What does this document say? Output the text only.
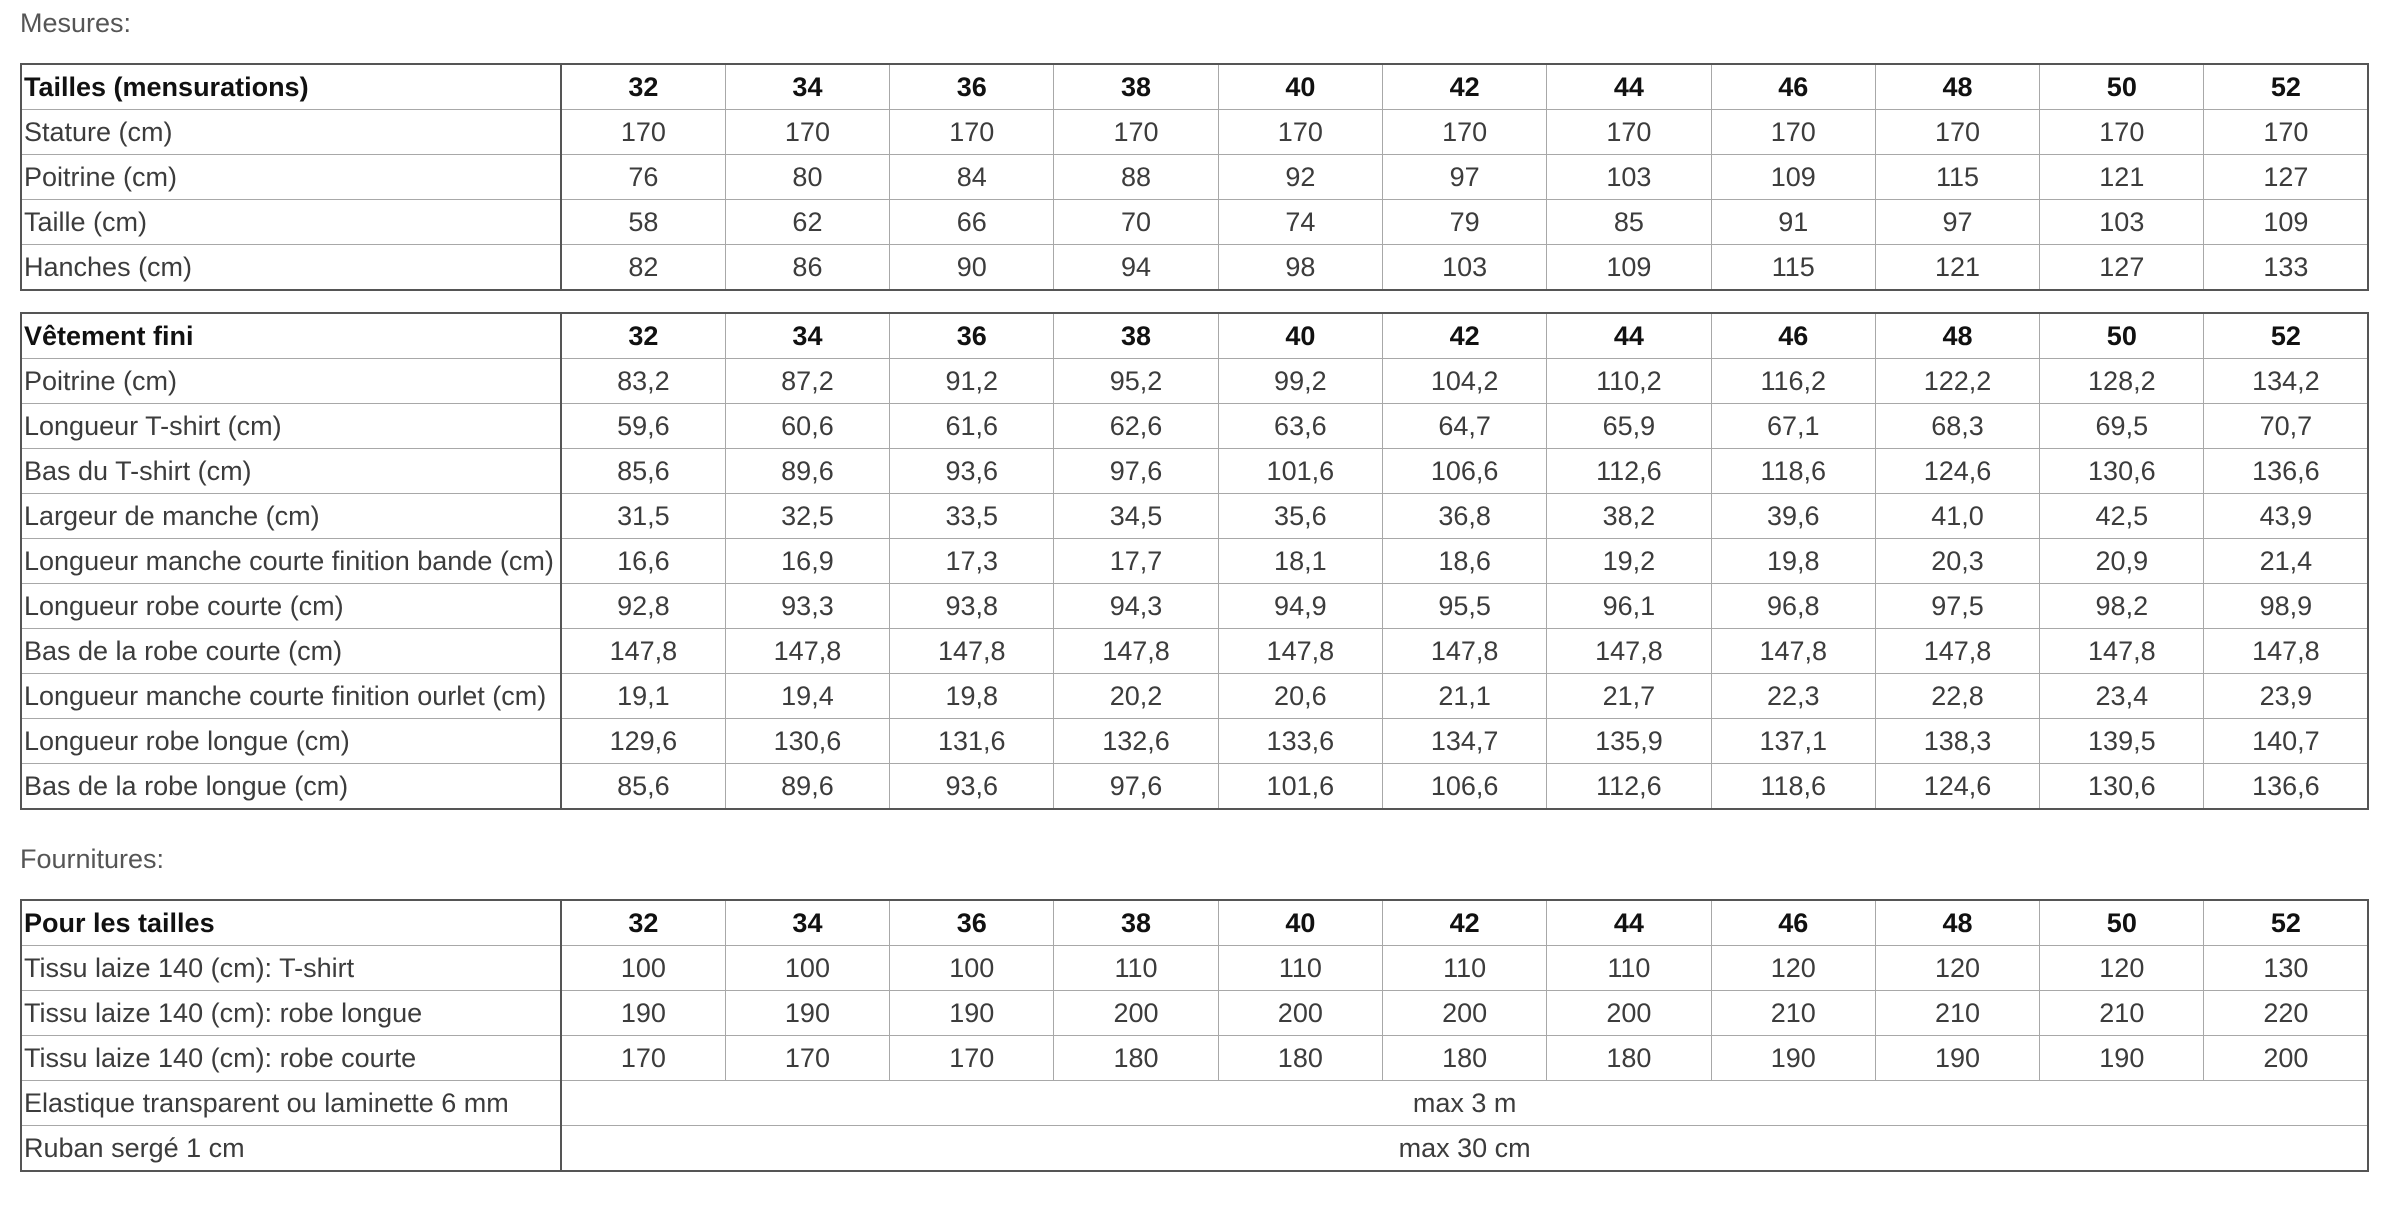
Mesures:
Tailles (mensurations)	32	34	36	38	40	42	44	46	48	50	52
Stature (cm)	170	170	170	170	170	170	170	170	170	170	170
Poitrine (cm)	76	80	84	88	92	97	103	109	115	121	127
Taille (cm)	58	62	66	70	74	79	85	91	97	103	109
Hanches (cm)	82	86	90	94	98	103	109	115	121	127	133
Vêtement fini	32	34	36	38	40	42	44	46	48	50	52
Poitrine (cm)	83,2	87,2	91,2	95,2	99,2	104,2	110,2	116,2	122,2	128,2	134,2
Longueur T-shirt (cm)	59,6	60,6	61,6	62,6	63,6	64,7	65,9	67,1	68,3	69,5	70,7
Bas du T-shirt (cm)	85,6	89,6	93,6	97,6	101,6	106,6	112,6	118,6	124,6	130,6	136,6
Largeur de manche (cm)	31,5	32,5	33,5	34,5	35,6	36,8	38,2	39,6	41,0	42,5	43,9
Longueur manche courte finition bande (cm)	16,6	16,9	17,3	17,7	18,1	18,6	19,2	19,8	20,3	20,9	21,4
Longueur robe courte (cm)	92,8	93,3	93,8	94,3	94,9	95,5	96,1	96,8	97,5	98,2	98,9
Bas de la robe courte (cm)	147,8	147,8	147,8	147,8	147,8	147,8	147,8	147,8	147,8	147,8	147,8
Longueur manche courte finition ourlet (cm)	19,1	19,4	19,8	20,2	20,6	21,1	21,7	22,3	22,8	23,4	23,9
Longueur robe longue (cm)	129,6	130,6	131,6	132,6	133,6	134,7	135,9	137,1	138,3	139,5	140,7
Bas de la robe longue (cm)	85,6	89,6	93,6	97,6	101,6	106,6	112,6	118,6	124,6	130,6	136,6
Fournitures:
Pour les tailles	32	34	36	38	40	42	44	46	48	50	52
Tissu laize 140 (cm): T-shirt	100	100	100	110	110	110	110	120	120	120	130
Tissu laize 140 (cm): robe longue	190	190	190	200	200	200	200	210	210	210	220
Tissu laize 140 (cm): robe courte	170	170	170	180	180	180	180	190	190	190	200
Elastique transparent ou laminette 6 mm	max 3 m										
Ruban sergé 1 cm	max 30 cm										
